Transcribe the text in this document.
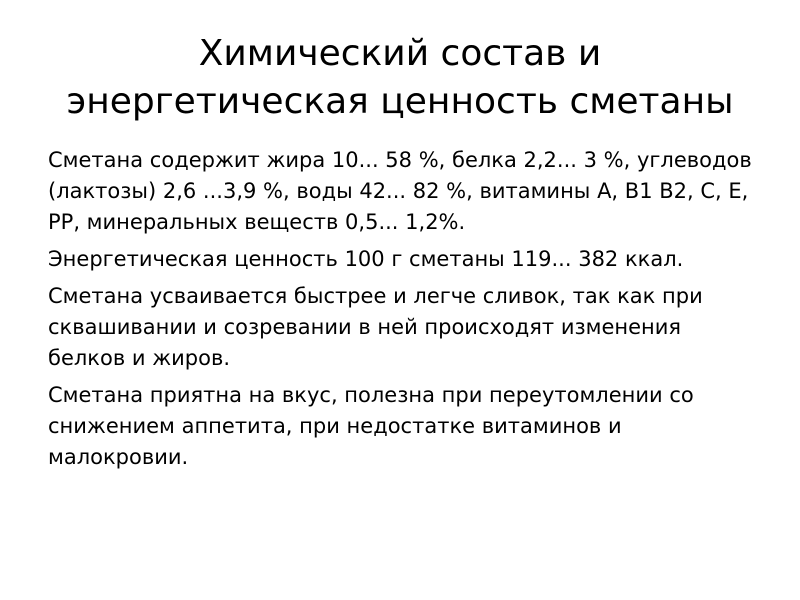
Химический состав и
энергетическая ценность сметаны

Сметана содержит жира 10... 58 %, белка 2,2... 3 %, углеводов (лактозы) 2,6 ...3,9 %, воды 42... 82 %, витамины А, В1 В2, С, Е, РР, минеральных веществ 0,5... 1,2%.

Энергетическая ценность 100 г сметаны 119... 382 ккал.

Сметана усваивается быстрее и легче сливок, так как при сквашивании и созревании в ней происходят изменения белков и жиров.

Сметана приятна на вкус, полезна при переутомлении со снижением аппетита, при недостатке витаминов и малокровии.
